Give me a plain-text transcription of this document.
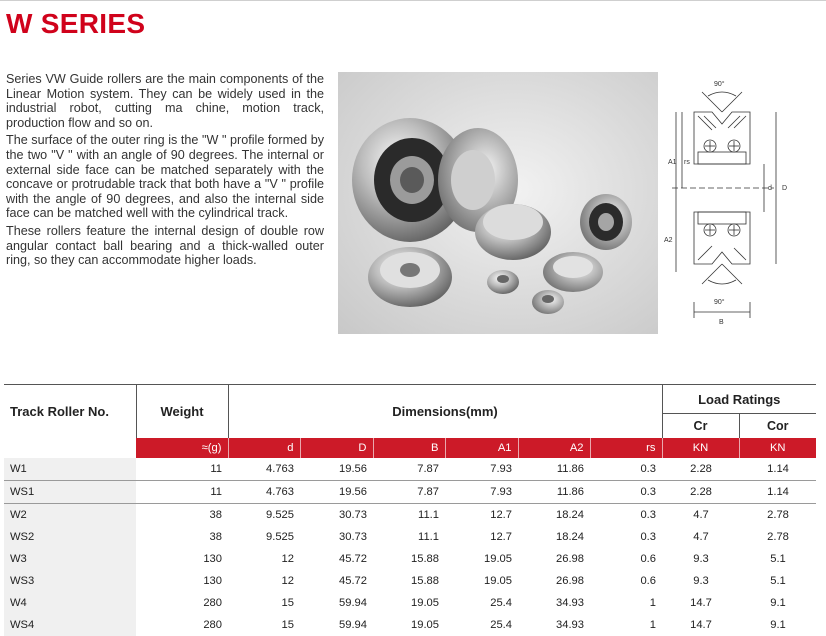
W SERIES

Series VW Guide rollers are the main components of the Linear Motion system. They can be widely used in the industrial robot, cutting ma chine, motion track, production flow and so on.

The surface of the outer ring is the "W " profile formed by the two "V " with an angle of 90 degrees. The internal or external side face can be matched separately with the concave or protrudable track that both have a "V " profile with the angle of 90 degrees, and also the internal side face can be matched well with the cylindrical track.

These rollers feature the internal design of double row angular contact ball bearing and a thick-walled outer ring, so they can accommodate higher loads.

90°
A1 rs
A2
d D
90°
B
Track Roller No.	Weight	Dimensions(mm)						Load Ratings	
								Cr	Cor
	≈(g)	d	D	B	A1	A2	rs	KN	KN
W1	11	4.763	19.56	7.87	7.93	11.86	0.3	2.28	1.14
WS1	11	4.763	19.56	7.87	7.93	11.86	0.3	2.28	1.14
W2	38	9.525	30.73	11.1	12.7	18.24	0.3	4.7	2.78
WS2	38	9.525	30.73	11.1	12.7	18.24	0.3	4.7	2.78
W3	130	12	45.72	15.88	19.05	26.98	0.6	9.3	5.1
WS3	130	12	45.72	15.88	19.05	26.98	0.6	9.3	5.1
W4	280	15	59.94	19.05	25.4	34.93	1	14.7	9.1
WS4	280	15	59.94	19.05	25.4	34.93	1	14.7	9.1
